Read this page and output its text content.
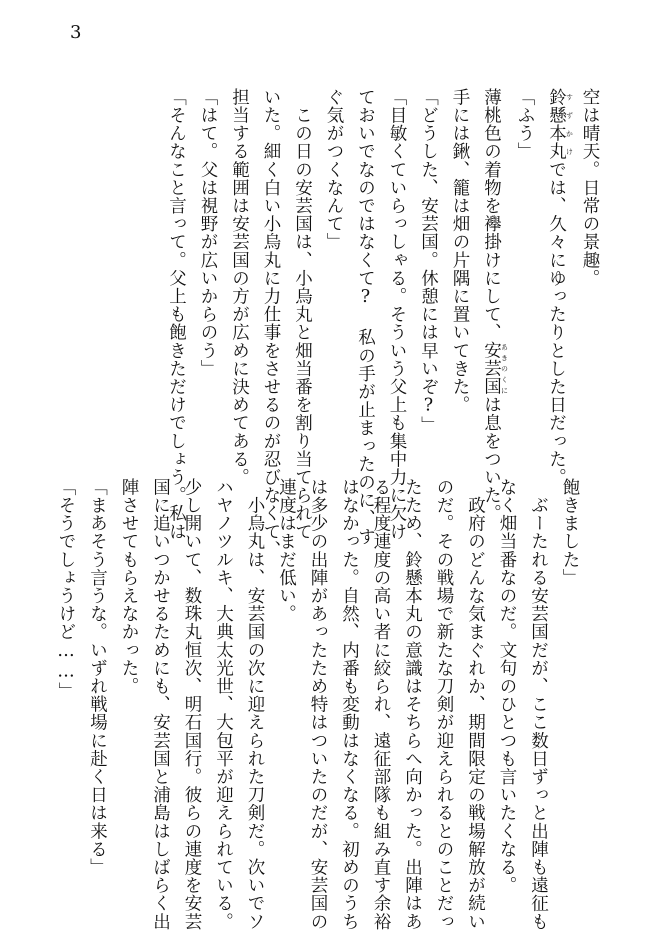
3
空は晴天。日常の景趣。
鈴懸本丸 すずかけでは、久々にゆったりとした日だった。
「ふう」
薄桃色の着物を襷掛けにして、安芸国 あきのくには息をついた。
手には鍬、籠は畑の片隅に置いてきた。
「どうした、安芸国。休憩には早いぞ?」
「目敏くていらっしゃる。そういう父上も集中力に欠け
ておいでなのではなくて? 私の手が止まったのに、す
ぐ気がつくなんて」
　この日の安芸国は、小烏丸と畑当番を割り当てられて
いた。細く白い小烏丸に力仕事をさせるのが忍びなくて、
担当する範囲は安芸国の方が広めに決めてある。
「はて。父は視野が広いからのう」
「そんなこと言って。父上も飽きただけでしょう。私は	飽きました」
　ぶーたれる安芸国だが、ここ数日ずっと出陣も遠征も
なく畑当番なのだ。文句のひとつも言いたくなる。
　政府のどんな気まぐれか、期間限定の戦場解放が続い
のだ。その戦場で新たな刀剣が迎えられるとのことだっ
たため、鈴懸本丸の意識はそちらへ向かった。出陣はあ
る程度連度の高い者に絞られ、遠征部隊も組み直す余裕
はなかった。自然、内番も変動はなくなる。初めのうち
は多少の出陣があったため特はついたのだが、安芸国の
連度はまだ低い。
　小烏丸は、安芸国の次に迎えられた刀剣だ。次いでソ
ハヤノツルキ、大典太光世、大包平が迎えられている。
少し開いて、数珠丸恒次、明石国行。彼らの連度を安芸
国に追いつかせるためにも、安芸国と浦島はしばらく出
陣させてもらえなかった。
「まあそう言うな。いずれ戦場に赴く日は来る」
「そうでしょうけど……」
